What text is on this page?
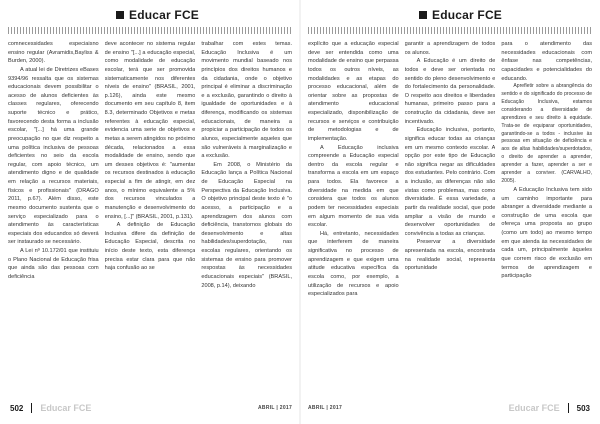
Educar FCE

comnecessidades especiaisno ensino regular (Avramidis,Bayliss & Burden, 2000).

A atual lei de Diretrizes eBases 9394/96 ressalta que os sistemas educacionais devem possibilitar o acesso de alunos deficientes às classes regulares, oferecendo suporte técnico e prático, favorecendo desta forma a inclusão escolar, "[...] há uma grande preocupação no que diz respeito a uma política inclusiva de pessoas deficientes no seio da escola regular, com apoio técnico, um atendimento digno e de qualidade em relação a recursos materiais, físicos e profissionais" (DRAGO 2011, p.67). Além disso, este mesmo documento sustenta que o serviço especializado para o atendimento às características especiais dos educandos só deverá ser instaurado se necessário.

A Lei nº 10.172/01 que instituiu o Plano Nacional de Educação frisa que ainda são das pessoas com deficiência

deve acontecer no sistema regular de ensino "[...] a educação especial, como modalidade de educação escolar, terá que ser promovida sistematicamente nos diferentes níveis de ensino" (BRASIL, 2001, p.126), ainda este mesmo documento em seu capítulo 8, item 8.3, determinado Objetivos e metas referentes à educação especial, evidencia uma serie de objetivos e metas a serem atingidos no próximo década, relacionados a essa modalidade de ensino, sendo que um desses objetivos é: "aumentar os recursos destinados à educação especial a fim de atingir, em dez anos, o mínimo equivalente a 5% dos recursos vinculados a manutenção e desenvolvimento do ensino, [...]" (BRASIL, 2001, p.131).

A definição de Educação Inclusiva difere da definição de Educação Especial, descrita no início deste texto, esta diferença precisa estar clara para que não haja confusão ao se

trabalhar com estes temas. Educação Inclusiva é um movimento mundial baseado nos princípios dos direitos humanos e da cidadania, onde o objetivo principal é eliminar a discriminação e a exclusão, garantindo o direito à igualdade de oportunidades e à diferença, modificando os sistemas educacionais, de maneira a propiciar a participação de todos os alunos, especialmente aqueles que são vulneráveis à marginalização e a exclusão.

Em 2008, o Ministério da Educação lança a Política Nacional de Educação Especial na Perspectiva da Educação Inclusiva. O objetivo principal deste texto é "o acesso, a participação e a aprendizagem dos alunos com deficiência, transtornos globais do desenvolvimento e altas habilidades/superdotação, nas escolas regulares, orientando os sistemas de ensino para promover respostas às necessidades educacionais especiais" (BRASIL, 2008, p.14), deixando

502 Educar FCE	ABRIL | 2017
Educar FCE

explícito que a educação especial deve ser entendida como uma modalidade de ensino que perpassa todos os outros níveis, as modalidades e as etapas do processo educacional, além de orientar sobre as propostas de atendimento educacional especializado, disponibilização de recursos e serviços e contribuição de metodologias e de implementação.

A Educação inclusiva compreende a Educação especial dentro da escola regular e transforma a escola em um espaço para todos. Ela favorece a diversidade na medida em que considera que todos os alunos podem ter necessidades especiais em algum momento de sua vida escolar.

Há, entretanto, necessidades que interferem de maneira significativa no processo de aprendizagem e que exigem uma atitude educativa específica da escola como, por exemplo, a utilização de recursos e apoio especializados para

garantir a aprendizagem de todos os alunos.

A Educação é um direito de todos e deve ser orientada no sentido do pleno desenvolvimento e do fortalecimento da personalidade. O respeito aos direitos e liberdades humanas, primeiro passo para a construção da cidadania, deve ser incentivado.

Educação inclusiva, portanto, significa educar todas as crianças em um mesmo contexto escolar. A opção por este tipo de Educação não significa negar as dificuldades dos estudantes. Pelo contrário. Com a inclusão, as diferenças não são vistas como problemas, mas como diversidade. É essa variedade, a partir da realidade social, que pode ampliar a visão de mundo e desenvolver oportunidades de convivência a todas as crianças.

Preservar a diversidade apresentada na escola, encontrada na realidade social, representa oportunidade

para o atendimento das necessidades educacionais com ênfase nas competências, capacidades e potencialidades do educando.

Aprefletir sobre a abrangência do sentido e do significado do processo de Educação Inclusiva, estamos considerando a diversidade de aprendizes e seu direito à equidade. Trata-se de equiparar oportunidades, garantindo-se a todos - inclusive às pessoas em situação de deficiência e aos de altas habilidades/superdotados, o direito de aprender a aprender, aprender a fazer, aprender a ser e aprender a conviver. (CARVALHO, 2005).

A Educação Inclusiva tem sido um caminho importante para abranger a diversidade mediante a construção de uma escola que ofereça uma proposta ao grupo (como um todo) ao mesmo tempo em que atenda às necessidades de cada um, principalmente àqueles que correm risco de exclusão em termos de aprendizagem e participação

ABRIL | 2017	Educar FCE 503
